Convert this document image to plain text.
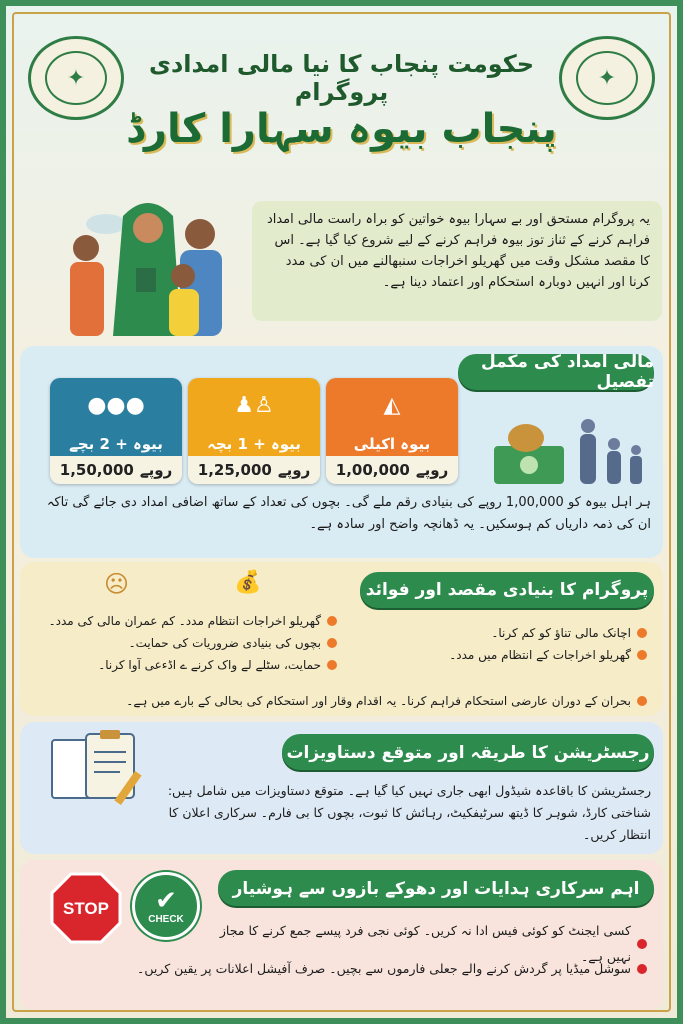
✦	✦
حکومت پنجاب کا نیا مالی امدادی پروگرام
پنجاب بیوہ سہارا کارڈ
یہ پروگرام مستحق اور بے سہارا بیوہ خواتین کو براہ راست مالی امداد فراہم کرنے کے ثناز توز بیوہ فراہم کرنے کے لیے شروع کیا گیا ہے۔ اس کا مقصد مشکل وقت میں گھریلو اخراجات سنبھالنے میں ان کی مدد کرنا اور انہیں دوبارہ استحکام اور اعتماد دینا ہے۔
مالی امداد کی مکمل تفصیل
●●●
بیوہ + 2 بچے
روپے
1,50,000
♟♙
بیوہ + 1 بچہ
روپے
1,25,000
◭
بیوہ اکیلی
روپے
1,00,000
ہر اہل بیوہ کو 1,00,000 روپے کی بنیادی رقم ملے گی۔ بچوں کی تعداد کے ساتھ اضافی امداد دی جائے گی تاکہ ان کی ذمہ داریاں کم ہوسکیں۔ یہ ڈھانچہ واضح اور سادہ ہے۔
پروگرام کا بنیادی مقصد اور فوائد
☹	💰
اچانک مالی تناؤ کو کم کرنا۔
گھریلو اخراجات کے انتظام میں مدد۔
گھریلو اخراجات انتظام مدد۔ کم عمران مالی کی مدد۔
بچوں کی بنیادی ضروریات کی حمایت۔
حمایت، سٹلے لے واک کرنے ے اڈءعی آوا کرنا۔
بحران کے دوران عارضی استحکام فراہم کرنا۔ یہ اقدام وقار اور استحکام کی بحالی کے بارے میں ہے۔
رجسٹریشن کا طریقہ اور متوقع دستاویزات
رجسٹریشن کا باقاعدہ شیڈول ابھی جاری نہیں کیا گیا ہے۔ متوقع دستاویزات میں شامل ہیں: شناختی کارڈ، شوہر کا ڈیتھ سرٹیفکیٹ، رہائش کا ثبوت، بچوں کا بی فارم۔ سرکاری اعلان کا انتظار کریں۔
اہم سرکاری ہدایات اور دھوکے بازوں سے ہوشیار
STOP ✔
CHECK
کسی ایجنٹ کو کوئی فیس ادا نہ کریں۔ کوئی نجی فرد پیسے جمع کرنے کا مجاز نہیں ہے۔
سوشل میڈیا پر گردش کرنے والے جعلی فارموں سے بچیں۔ صرف آفیشل اعلانات پر یقین کریں۔
